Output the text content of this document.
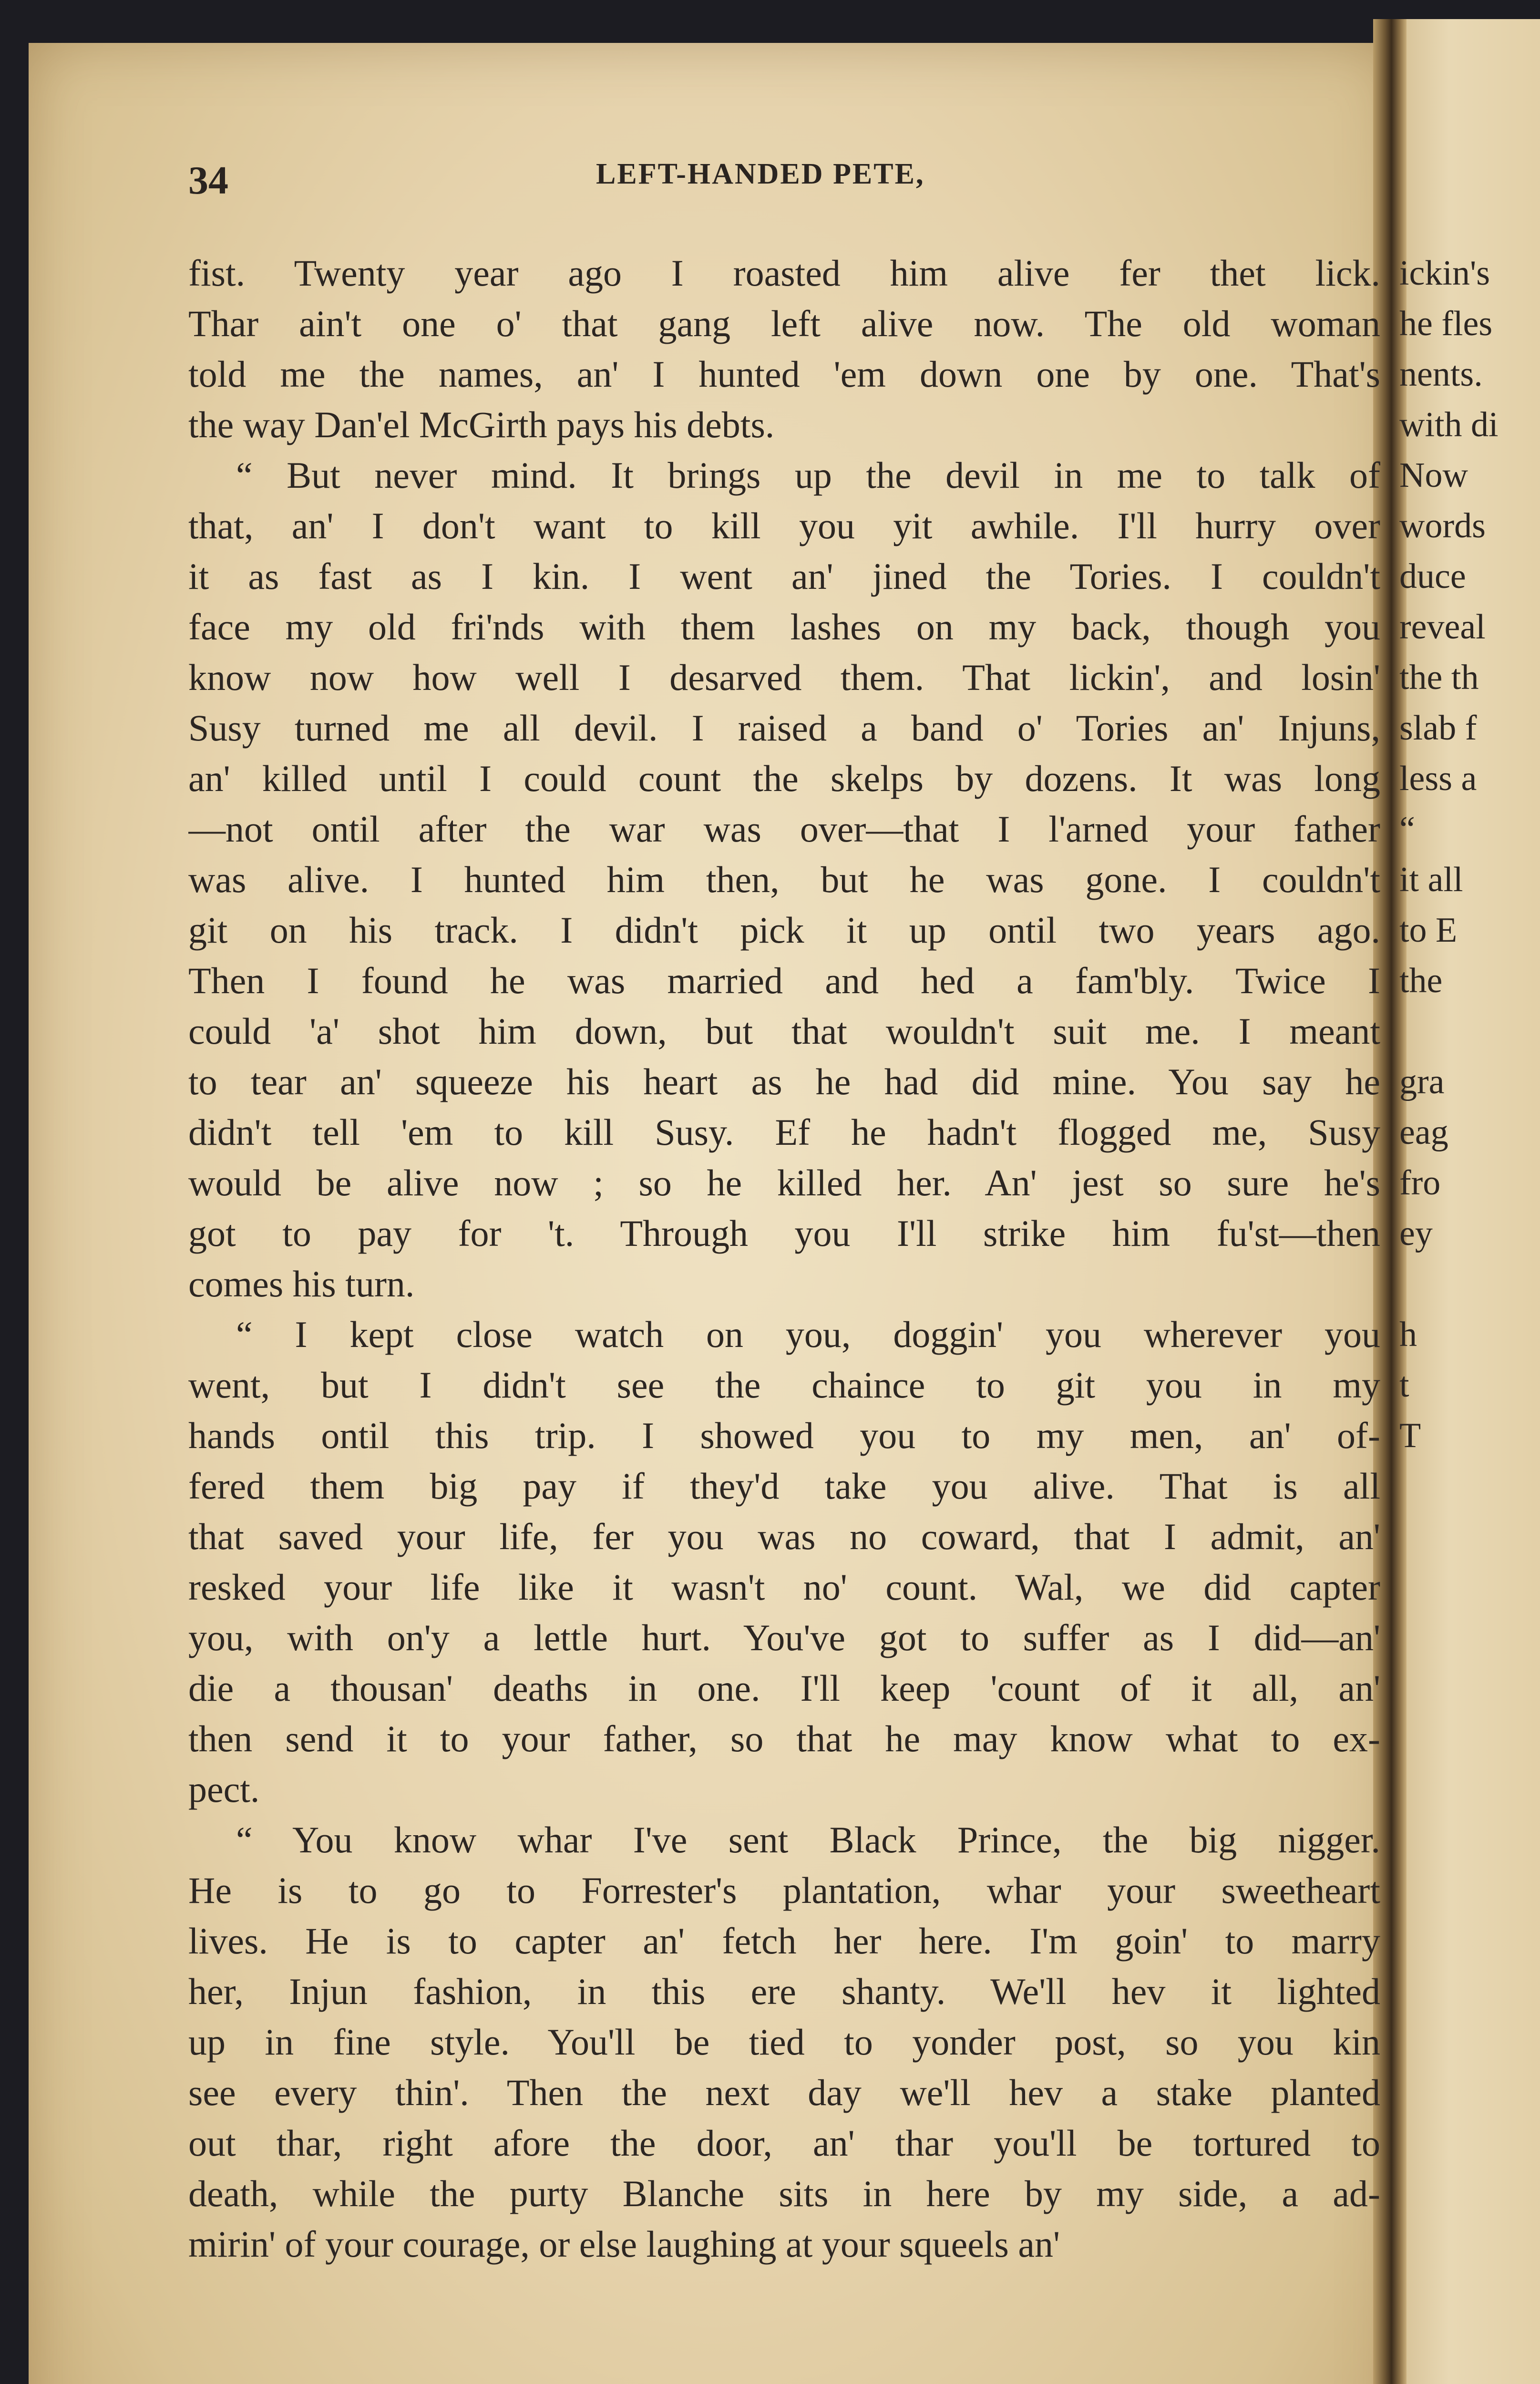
34	LEFT-HANDED PETE,
fist. Twenty year ago I roasted him alive fer thet lick.
Thar ain't one o' that gang left alive now. The old woman
told me the names, an' I hunted 'em down one by one. That's
the way Dan'el McGirth pays his debts.
“ But never mind. It brings up the devil in me to talk of
that, an' I don't want to kill you yit awhile. I'll hurry over
it as fast as I kin. I went an' jined the Tories. I couldn't
face my old fri'nds with them lashes on my back, though you
know now how well I desarved them. That lickin', and losin'
Susy turned me all devil. I raised a band o' Tories an' Injuns,
an' killed until I could count the skelps by dozens. It was long
—not ontil after the war was over—that I l'arned your father
was alive. I hunted him then, but he was gone. I couldn't
git on his track. I didn't pick it up ontil two years ago.
Then I found he was married and hed a fam'bly. Twice I
could 'a' shot him down, but that wouldn't suit me. I meant
to tear an' squeeze his heart as he had did mine. You say he
didn't tell 'em to kill Susy. Ef he hadn't flogged me, Susy
would be alive now ; so he killed her. An' jest so sure he's
got to pay for 't. Through you I'll strike him fu'st—then
comes his turn.
“ I kept close watch on you, doggin' you wherever you
went, but I didn't see the chaince to git you in my
hands ontil this trip. I showed you to my men, an' of-
fered them big pay if they'd take you alive. That is all
that saved your life, fer you was no coward, that I admit, an'
resked your life like it wasn't no' count. Wal, we did capter
you, with on'y a lettle hurt. You've got to suffer as I did—an'
die a thousan' deaths in one. I'll keep 'count of it all, an'
then send it to your father, so that he may know what to ex-
pect.
“ You know whar I've sent Black Prince, the big nigger.
He is to go to Forrester's plantation, whar your sweetheart
lives. He is to capter an' fetch her here. I'm goin' to marry
her, Injun fashion, in this ere shanty. We'll hev it lighted
up in fine style. You'll be tied to yonder post, so you kin
see every thin'. Then the next day we'll hev a stake planted
out thar, right afore the door, an' thar you'll be tortured to
death, while the purty Blanche sits in here by my side, a ad-
mirin' of your courage, or else laughing at your squeels an'
ickin's
he fles
nents.
with di
Now
words
duce
reveal
the th
slab f
less a
“
it all
to E
the
gra
eag
fro
ey
h
t
T
